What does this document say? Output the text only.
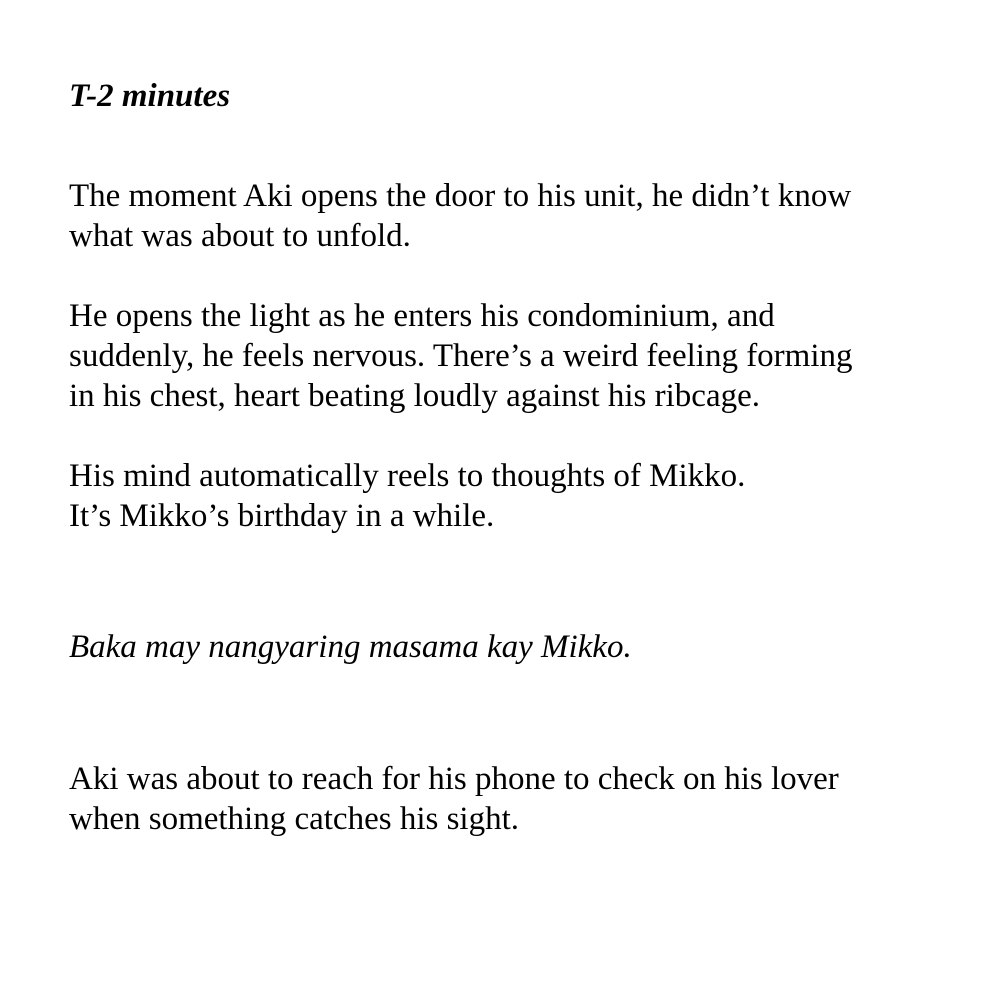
T-2 minutes

The moment Aki opens the door to his unit, he didn’t know

what was about to unfold.

He opens the light as he enters his condominium, and

suddenly, he feels nervous. There’s a weird feeling forming

in his chest, heart beating loudly against his ribcage.

His mind automatically reels to thoughts of Mikko.

It’s Mikko’s birthday in a while.

Baka may nangyaring masama kay Mikko.

Aki was about to reach for his phone to check on his lover

when something catches his sight.
